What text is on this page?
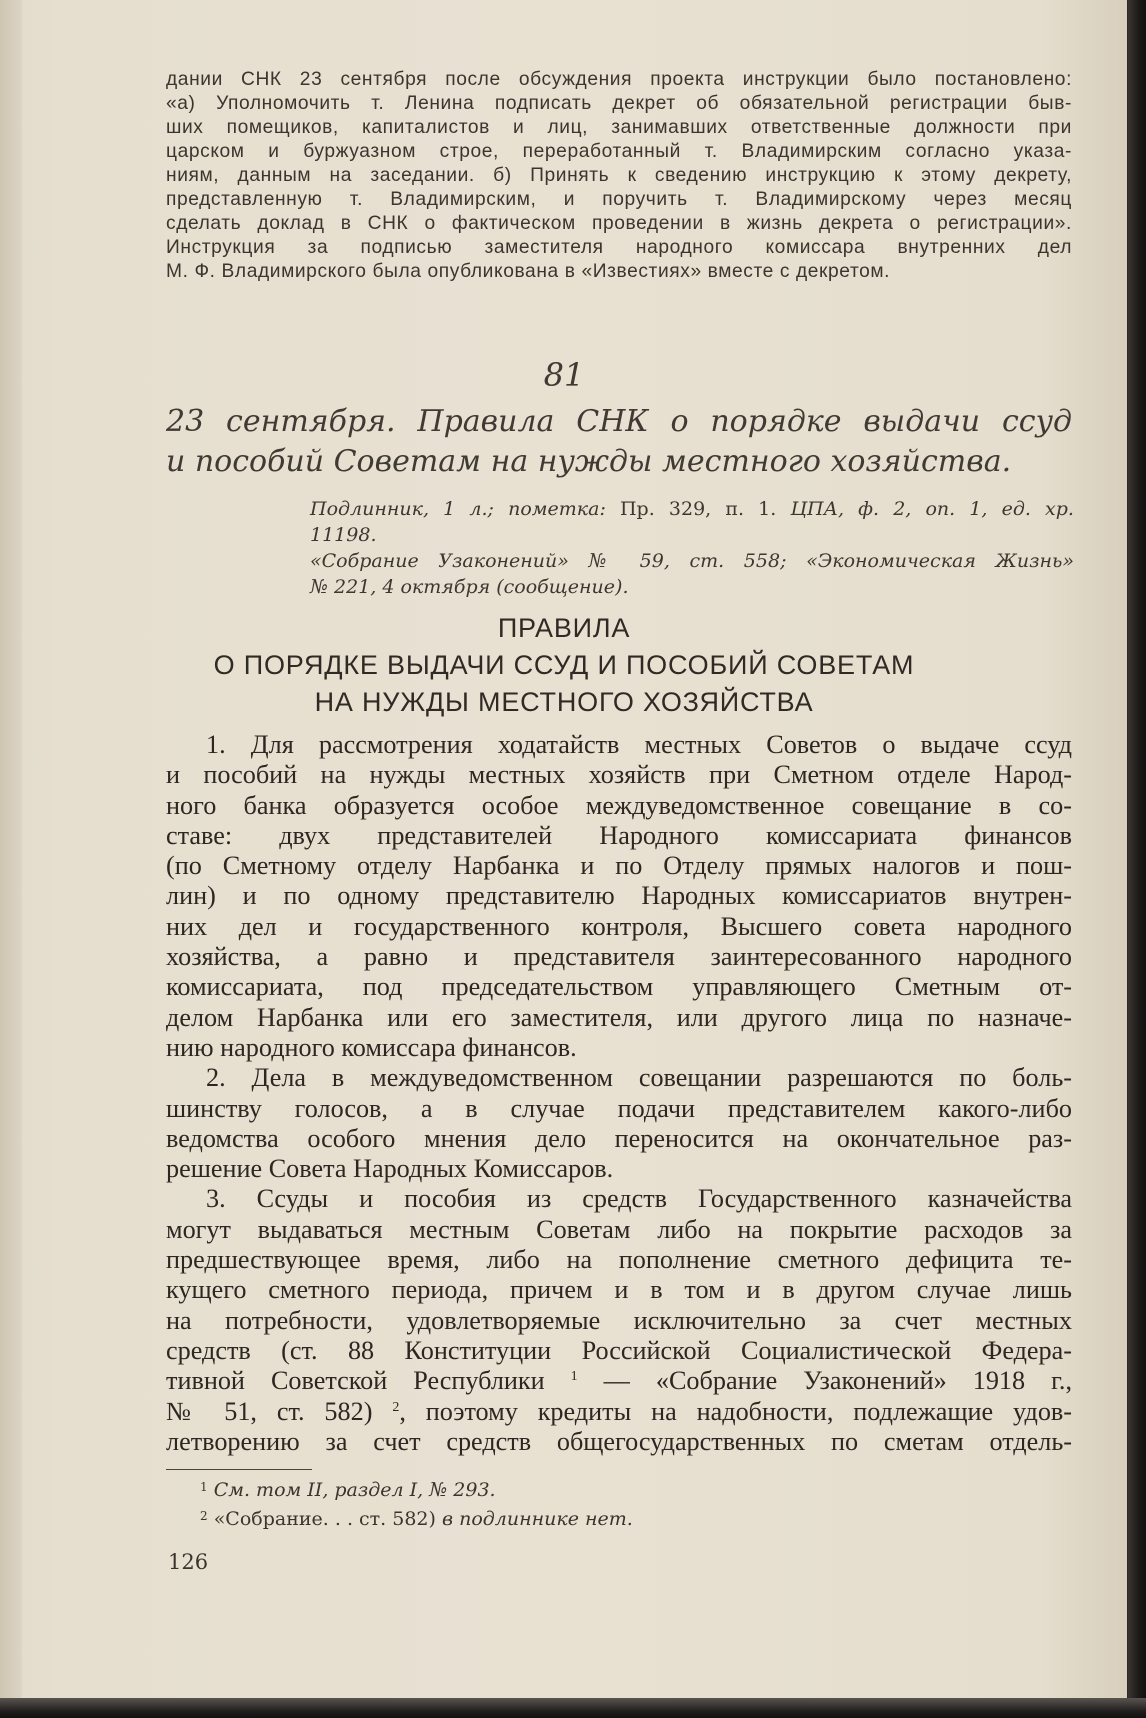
дании СНК 23 сентября после обсуждения проекта инструкции было постановлено:
«а) Уполномочить т. Ленина подписать декрет об обязательной регистрации быв-
ших помещиков, капиталистов и лиц, занимавших ответственные должности при
царском и буржуазном строе, переработанный т. Владимирским согласно указа-
ниям, данным на заседании. б) Принять к сведению инструкцию к этому декрету,
представленную т. Владимирским, и поручить т. Владимирскому через месяц
сделать доклад в СНК о фактическом проведении в жизнь декрета о регистрации».
Инструкция за подписью заместителя народного комиссара внутренних дел
М. Ф. Владимирского была опубликована в «Известиях» вместе с декретом.
81
23 сентября. Правила СНК о порядке выдачи ссуд
и пособий Советам на нужды местного хозяйства.
Подлинник, 1 л.; пометка: Пр. 329, п. 1. ЦПА, ф. 2, оп. 1, ед. хр.
11198.
«Собрание Узаконений» № 59, ст. 558; «Экономическая Жизнь»
№ 221, 4 октября (сообщение).
ПРАВИЛА
О ПОРЯДКЕ ВЫДАЧИ ССУД И ПОСОБИЙ СОВЕТАМ
НА НУЖДЫ МЕСТНОГО ХОЗЯЙСТВА
1. Для рассмотрения ходатайств местных Советов о выдаче ссуд
и пособий на нужды местных хозяйств при Сметном отделе Народ-
ного банка образуется особое междуведомственное совещание в со-
ставе: двух представителей Народного комиссариата финансов
(по Сметному отделу Нарбанка и по Отделу прямых налогов и пош-
лин) и по одному представителю Народных комиссариатов внутрен-
них дел и государственного контроля, Высшего совета народного
хозяйства, а равно и представителя заинтересованного народного
комиссариата, под председательством управляющего Сметным от-
делом Нарбанка или его заместителя, или другого лица по назначе-
нию народного комиссара финансов.
2. Дела в междуведомственном совещании разрешаются по боль-
шинству голосов, а в случае подачи представителем какого-либо
ведомства особого мнения дело переносится на окончательное раз-
решение Совета Народных Комиссаров.
3. Ссуды и пособия из средств Государственного казначейства
могут выдаваться местным Советам либо на покрытие расходов за
предшествующее время, либо на пополнение сметного дефицита те-
кущего сметного периода, причем и в том и в другом случае лишь
на потребности, удовлетворяемые исключительно за счет местных
средств (ст. 88 Конституции Российской Социалистической Федера-
тивной Советской Республики $^1$ — «Собрание Узаконений» 1918 г.,
№ 51, ст. 582) $^2$, поэтому кредиты на надобности, подлежащие удов-
летворению за счет средств общегосударственных по сметам отдель-
$^1$ См. том II, раздел I, № 293.
$^2$ «Собрание. . . ст. 582) в подлиннике нет.
126
